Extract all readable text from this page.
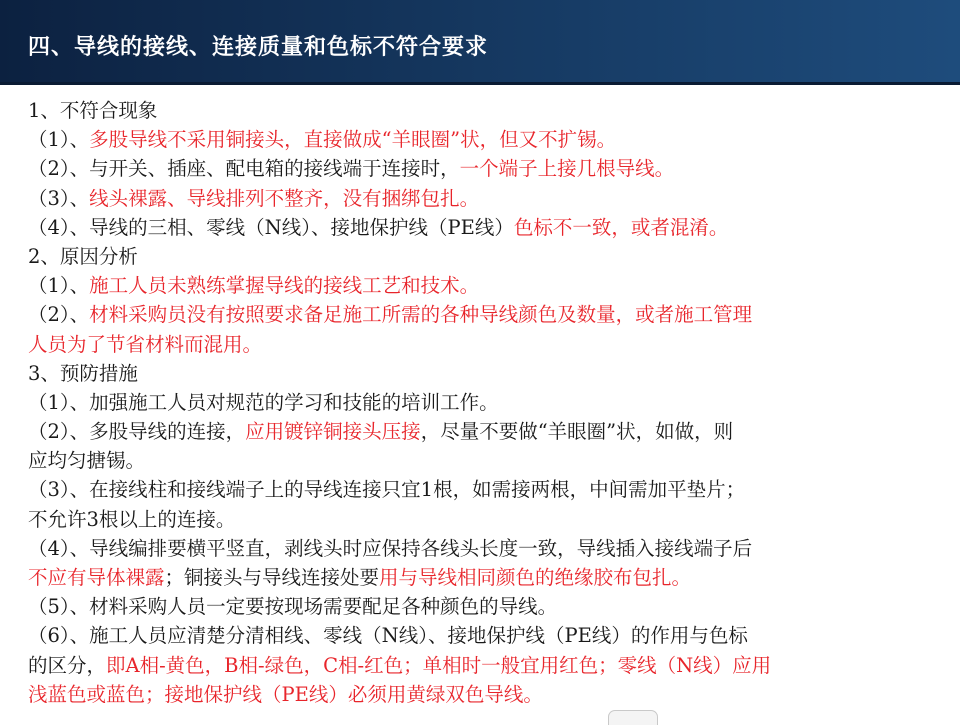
四、导线的接线、连接质量和色标不符合要求
1、不符合现象
（1）、多股导线不采用铜接头，直接做成“羊眼圈”状，但又不扩锡。
（2）、与开关、插座、配电箱的接线端于连接时，一个端子上接几根导线。
（3）、线头裸露、导线排列不整齐，没有捆绑包扎。
（4）、导线的三相、零线（N线）、接地保护线（PE线）色标不一致，或者混淆。
2、原因分析
（1）、施工人员未熟练掌握导线的接线工艺和技术。
（2）、材料采购员没有按照要求备足施工所需的各种导线颜色及数量，或者施工管理
人员为了节省材料而混用。
3、预防措施
（1）、加强施工人员对规范的学习和技能的培训工作。
（2）、多股导线的连接，应用镀锌铜接头压接，尽量不要做“羊眼圈”状，如做，则
应均匀搪锡。
（3）、在接线柱和接线端子上的导线连接只宜1根，如需接两根，中间需加平垫片；
不允许3根以上的连接。
（4）、导线编排要横平竖直，剥线头时应保持各线头长度一致，导线插入接线端子后
不应有导体裸露；铜接头与导线连接处要用与导线相同颜色的绝缘胶布包扎。
（5）、材料采购人员一定要按现场需要配足各种颜色的导线。
（6）、施工人员应清楚分清相线、零线（N线）、接地保护线（PE线）的作用与色标
的区分，即A相-黄色，B相-绿色，C相-红色；单相时一般宜用红色；零线（N线）应用
浅蓝色或蓝色；接地保护线（PE线）必须用黄绿双色导线。
